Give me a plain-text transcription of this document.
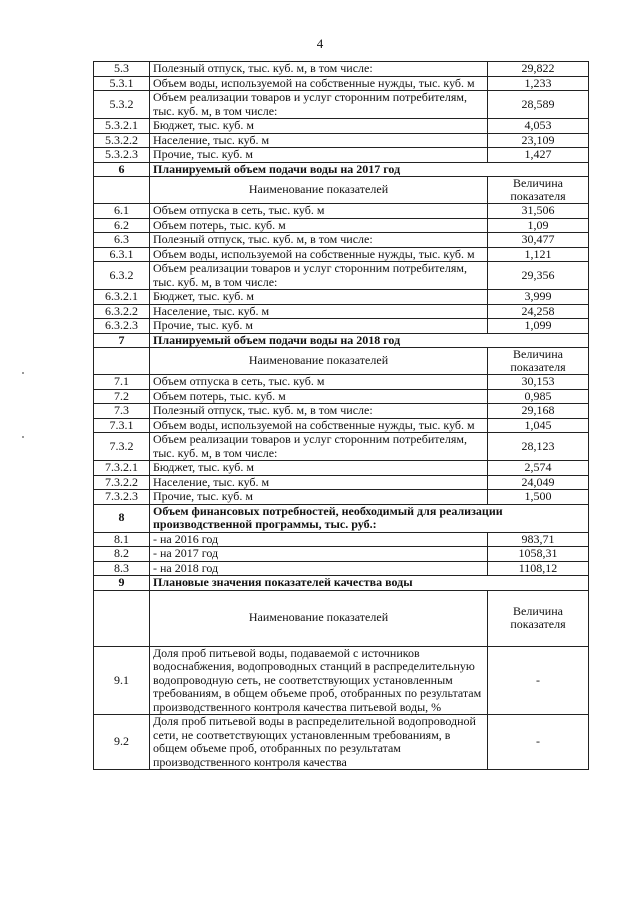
4
5.3	Полезный отпуск, тыс. куб. м, в том числе:	29,822
5.3.1	Объем воды, используемой на собственные нужды, тыс. куб. м	1,233
5.3.2	Объем реализации товаров и услуг сторонним потребителям, тыс. куб. м, в том числе:	28,589
5.3.2.1	Бюджет, тыс. куб. м	4,053
5.3.2.2	Население, тыс. куб. м	23,109
5.3.2.3	Прочие, тыс. куб. м	1,427
6	Планируемый объем подачи воды на 2017 год	
	Наименование показателей	Величина показателя
6.1	Объем отпуска в сеть, тыс. куб. м	31,506
6.2	Объем потерь, тыс. куб. м	1,09
6.3	Полезный отпуск, тыс. куб. м, в том числе:	30,477
6.3.1	Объем воды, используемой на собственные нужды, тыс. куб. м	1,121
6.3.2	Объем реализации товаров и услуг сторонним потребителям, тыс. куб. м, в том числе:	29,356
6.3.2.1	Бюджет, тыс. куб. м	3,999
6.3.2.2	Население, тыс. куб. м	24,258
6.3.2.3	Прочие, тыс. куб. м	1,099
7	Планируемый объем подачи воды на 2018 год	
	Наименование показателей	Величина показателя
7.1	Объем отпуска в сеть, тыс. куб. м	30,153
7.2	Объем потерь, тыс. куб. м	0,985
7.3	Полезный отпуск, тыс. куб. м, в том числе:	29,168
7.3.1	Объем воды, используемой на собственные нужды, тыс. куб. м	1,045
7.3.2	Объем реализации товаров и услуг сторонним потребителям, тыс. куб. м, в том числе:	28,123
7.3.2.1	Бюджет, тыс. куб. м	2,574
7.3.2.2	Население, тыс. куб. м	24,049
7.3.2.3	Прочие, тыс. куб. м	1,500
8	Объем финансовых потребностей, необходимый для реализации производственной программы, тыс. руб.:	
8.1	- на 2016 год	983,71
8.2	- на 2017 год	1058,31
8.3	- на 2018 год	1108,12
9	Плановые значения показателей качества воды	
	Наименование показателей	Величина показателя
9.1	Доля проб питьевой воды, подаваемой с источников водоснабжения, водопроводных станций в распределительную водопроводную сеть, не соответствующих установленным требованиям, в общем объеме проб, отобранных по результатам производственного контроля качества питьевой воды, %	-
9.2	Доля проб питьевой воды в распределительной водопроводной сети, не соответствующих установленным требованиям, в общем объеме проб, отобранных по результатам производственного контроля качества	-
